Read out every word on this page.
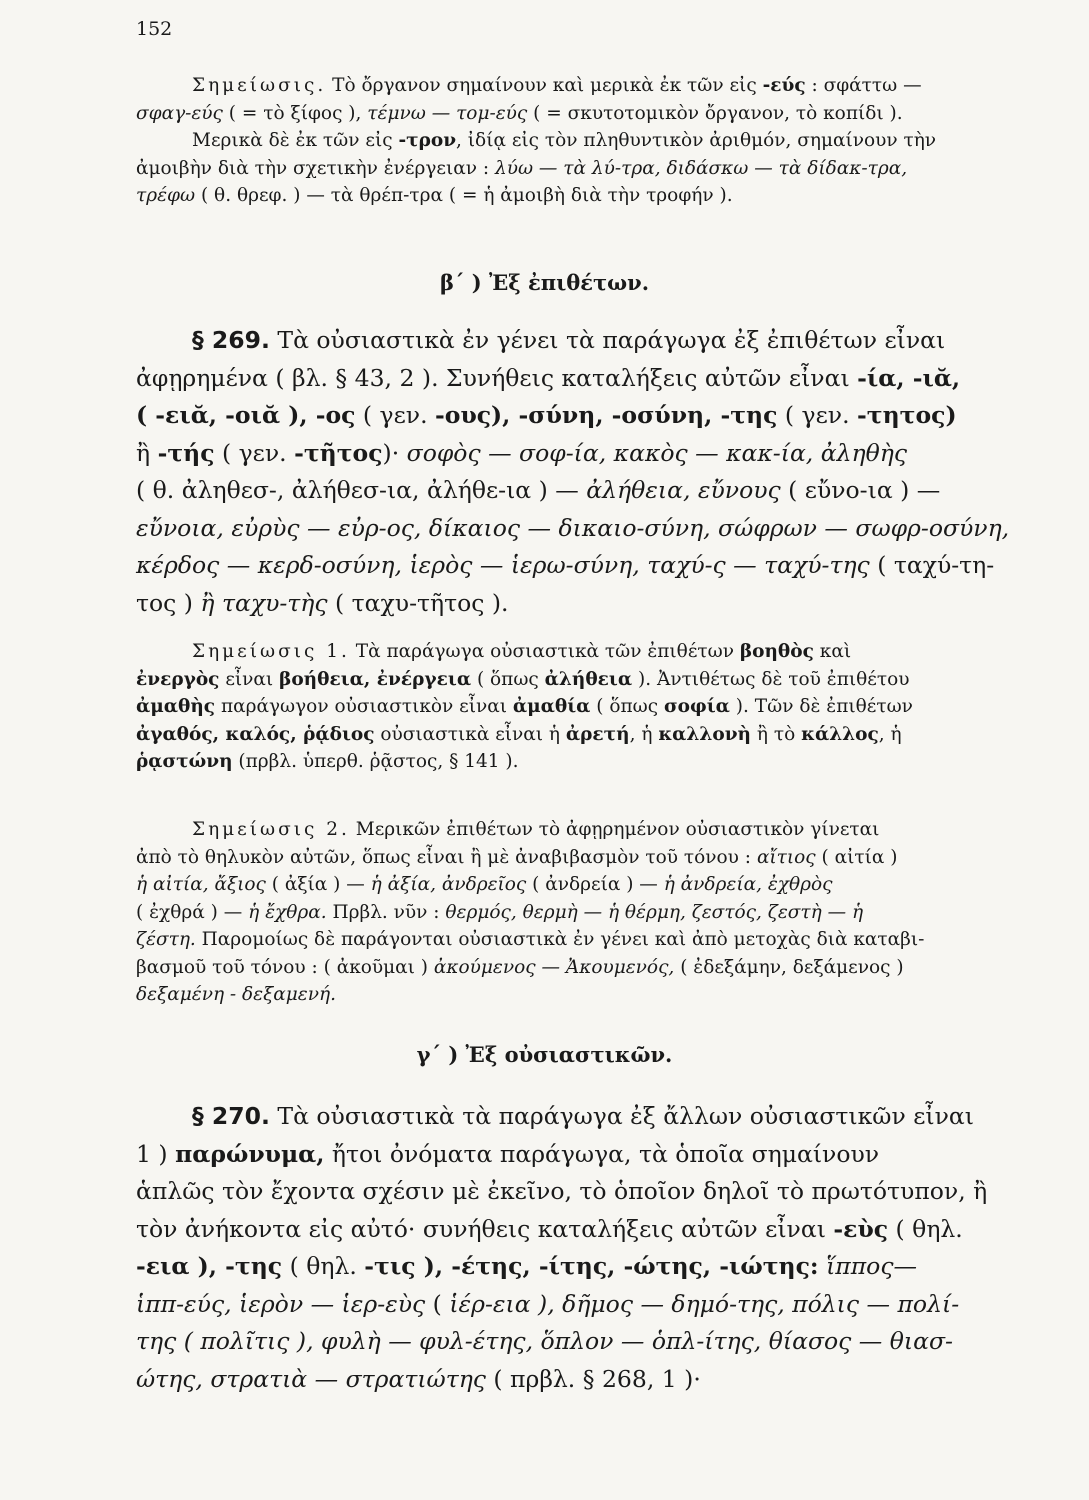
152

Σημείωσις. Τὸ ὄργανον σημαίνουν καὶ μερικὰ ἐκ τῶν εἰς -εύς : σφάττω —

σφαγ-εύς ( = τὸ ξίφος ), τέμνω — τομ-εύς ( = σκυτοτομικὸν ὄργανον, τὸ κοπίδι ).

Μερικὰ δὲ ἐκ τῶν εἰς -τρον, ἰδίᾳ εἰς τὸν πληθυντικὸν ἀριθμόν, σημαίνουν τὴν

ἀμοιβὴν διὰ τὴν σχετικὴν ἐνέργειαν : λύω — τὰ λύ-τρα, διδάσκω — τὰ δίδακ-τρα,

τρέφω ( θ. θρεφ. ) — τὰ θρέπ-τρα ( = ἡ ἀμοιβὴ διὰ τὴν τροφήν ).

β΄ ) Ἐξ ἐπιθέτων.

§ 269. Τὰ οὐσιαστικὰ ἐν γένει τὰ παράγωγα ἐξ ἐπιθέτων εἶναι

ἀφῃρημένα ( βλ. § 43, 2 ). Συνήθεις καταλήξεις αὐτῶν εἶναι -ία, -ιᾰ,

( -ειᾰ, -οιᾰ ), -ος ( γεν. -ους), -σύνη, -οσύνη, -της ( γεν. -τητος)

ἢ -τής ( γεν. -τῆτος)· σοφὸς — σοφ-ία, κακὸς — κακ-ία, ἀληθὴς

( θ. ἀληθεσ-, ἀλήθεσ-ια, ἀλήθε-ια ) — ἀλήθεια, εὔνους ( εὔνο-ια ) —

εὔνοια, εὐρὺς — εὐρ-ος, δίκαιος — δικαιο-σύνη, σώφρων — σωφρ-οσύνη,

κέρδος — κερδ-οσύνη, ἱερὸς — ἱερω-σύνη, ταχύ-ς — ταχύ-της ( ταχύ-τη-

τος ) ἢ ταχυ-τὴς ( ταχυ-τῆτος ).

Σημείωσις 1. Τὰ παράγωγα οὐσιαστικὰ τῶν ἐπιθέτων βοηθὸς καὶ

ἐνεργὸς εἶναι βοήθεια, ἐνέργεια ( ὅπως ἀλήθεια ). Ἀντιθέτως δὲ τοῦ ἐπιθέτου

ἀμαθὴς παράγωγον οὐσιαστικὸν εἶναι ἀμαθία ( ὅπως σοφία ). Τῶν δὲ ἐπιθέτων

ἀγαθός, καλός, ῥᾴδιος οὐσιαστικὰ εἶναι ἡ ἀρετή, ἡ καλλονὴ ἢ τὸ κάλλος, ἡ

ῥᾳστώνη (πρβλ. ὑπερθ. ῥᾷστος, § 141 ).

Σημείωσις 2. Μερικῶν ἐπιθέτων τὸ ἀφῃρημένον οὐσιαστικὸν γίνεται

ἀπὸ τὸ θηλυκὸν αὐτῶν, ὅπως εἶναι ἢ μὲ ἀναβιβασμὸν τοῦ τόνου : αἴτιος ( αἰτία )

ἡ αἰτία, ἄξιος ( ἀξία ) — ἡ ἀξία, ἀνδρεῖος ( ἀνδρεία ) — ἡ ἀνδρεία, ἐχθρὸς

( ἐχθρά ) — ἡ ἔχθρα. Πρβλ. νῦν : θερμός, θερμὴ — ἡ θέρμη, ζεστός, ζεστὴ — ἡ

ζέστη. Παρομοίως δὲ παράγονται οὐσιαστικὰ ἐν γένει καὶ ἀπὸ μετοχὰς διὰ καταβι-

βασμοῦ τοῦ τόνου : ( ἀκοῦμαι ) ἀκούμενος — Ἀκουμενός, ( ἐδεξάμην, δεξάμενος )

δεξαμένη - δεξαμενή.

γ΄ ) Ἐξ οὐσιαστικῶν.

§ 270. Τὰ οὐσιαστικὰ τὰ παράγωγα ἐξ ἄλλων οὐσιαστικῶν εἶναι

1 ) παρώνυμα, ἤτοι ὀνόματα παράγωγα, τὰ ὁποῖα σημαίνουν

ἁπλῶς τὸν ἔχοντα σχέσιν μὲ ἐκεῖνο, τὸ ὁποῖον δηλοῖ τὸ πρωτότυπον, ἢ

τὸν ἀνήκοντα εἰς αὐτό· συνήθεις καταλήξεις αὐτῶν εἶναι -εὺς ( θηλ.

-εια ), -της ( θηλ. -τις ), -έτης, -ίτης, -ώτης, -ιώτης: ἵππος—

ἱππ-εύς, ἱερὸν — ἱερ-εὺς ( ἱέρ-εια ), δῆμος — δημό-της, πόλις — πολί-

της ( πολῖτις ), φυλὴ — φυλ-έτης, ὅπλον — ὁπλ-ίτης, θίασος — θιασ-

ώτης, στρατιὰ — στρατιώτης ( πρβλ. § 268, 1 )·
